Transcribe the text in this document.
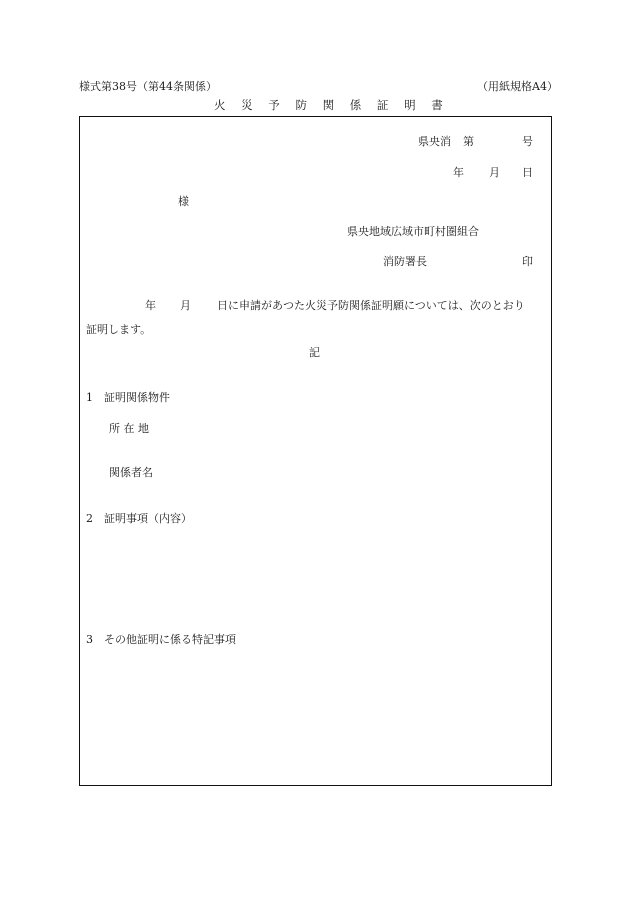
様式第38号（第44条関係）	（用紙規格A4）
火 災 予 防 関 係 証 明 書
県央消 第	号
年 月 日
様
県央地域広域市町村圏組合
消防署長	印
年 月 日に申請があつた火災予防関係証明願については、次のとおり
証明します。
記
1　証明関係物件
所 在 地
関係者名
2　証明事項（内容）
3　その他証明に係る特記事項
